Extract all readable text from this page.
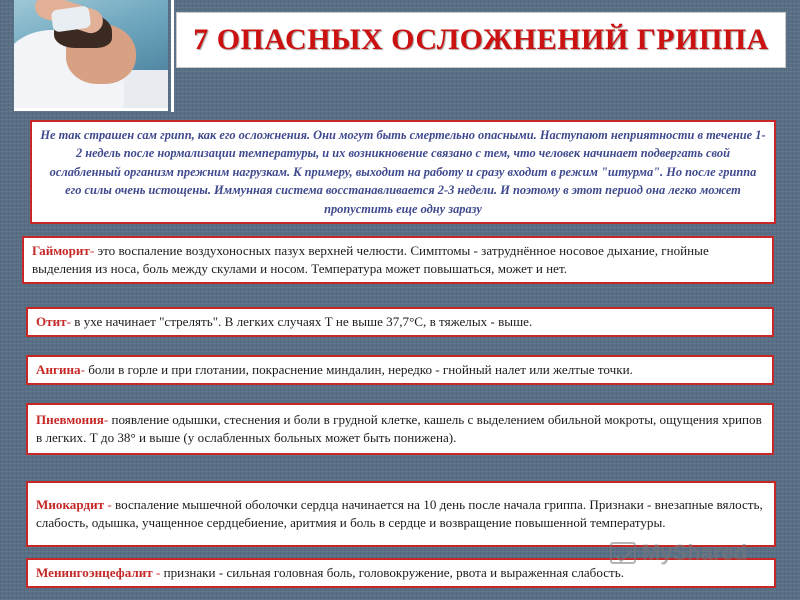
7 ОПАСНЫХ ОСЛОЖНЕНИЙ ГРИППА
Не так страшен сам грипп, как его осложнения. Они могут быть смертельно опасными. Наступают неприятности в течение 1-2 недель после нормализации температуры, и их возникновение связано с тем, что человек начинает подвергать свой ослабленный организм прежним нагрузкам. К примеру, выходит на работу и сразу входит в режим "штурма". Но после гриппа его силы очень истощены. Иммунная система восстанавливается 2-3 недели. И поэтому в этот период она легко может пропустить еще одну заразу
Гайморит- это воспаление воздухоносных пазух верхней челюсти. Симптомы - затруднённое носовое дыхание, гнойные выделения из носа, боль между скулами и носом. Температура может повышаться, может и нет.
Отит- в ухе начинает "стрелять". В легких случаях Т не выше 37,7°С, в тяжелых - выше.
Ангина- боли в горле и при глотании, покраснение миндалин, нередко - гнойный налет или желтые точки.
Пневмония- появление одышки, стеснения и боли в грудной клетке, кашель с выделением обильной мокроты, ощущения хрипов в легких. Т до 38° и выше (у ослабленных больных может быть понижена).
Миокардит - воспаление мышечной оболочки сердца начинается на 10 день после начала гриппа. Признаки - внезапные вялость, слабость, одышка, учащенное сердцебиение, аритмия и боль в сердце и возвращение повышенной температуры.
Менингоэнцефалит - признаки - сильная головная боль, головокружение, рвота и выраженная слабость.
MyShared
